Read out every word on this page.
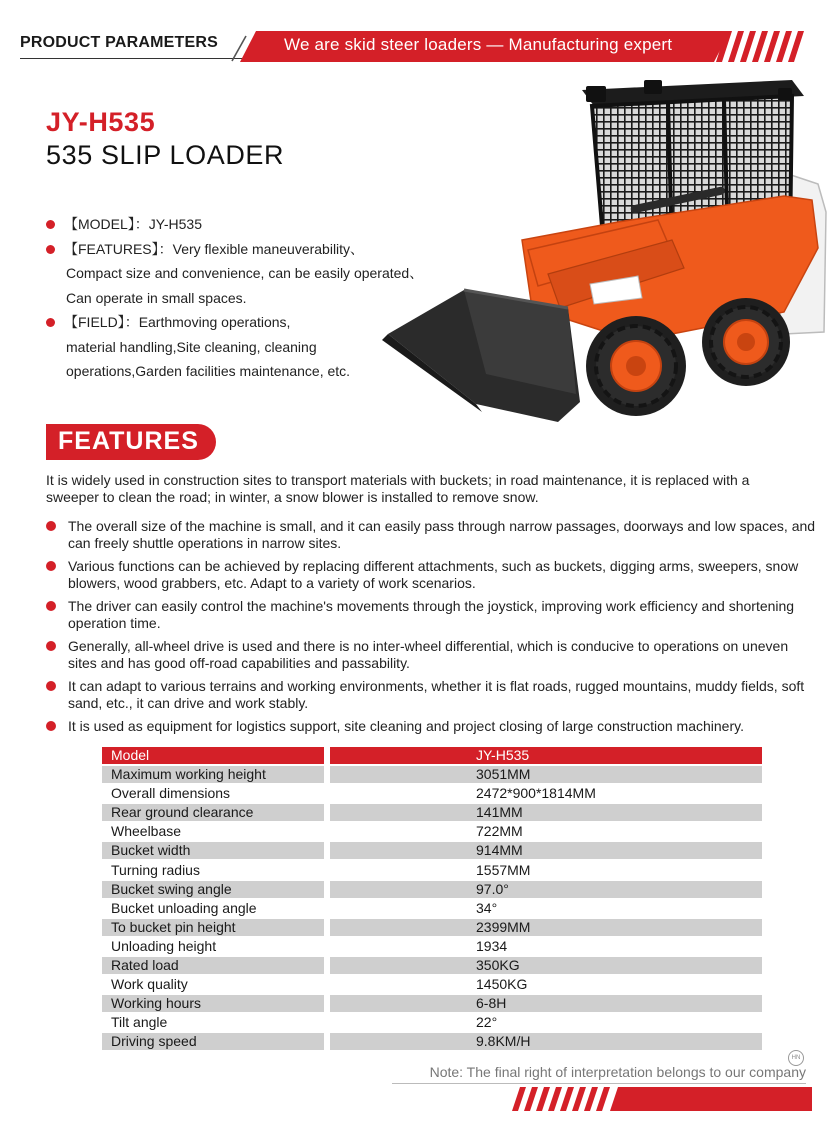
PRODUCT PARAMETERS	We are skid steer loaders — Manufacturing expert
JY-H535
535 SLIP LOADER
【MODEL】：JY-H535
【FEATURES】：Very flexible maneuverability、
Compact size and convenience, can be easily operated、
Can operate in small spaces.
【FIELD】：Earthmoving operations,
material handling,Site cleaning, cleaning
operations,Garden facilities maintenance, etc.
FEATURES
It is widely used in construction sites to transport materials with buckets; in road maintenance, it is replaced with a sweeper to clean the road; in winter, a snow blower is installed to remove snow.
The overall size of the machine is small, and it can easily pass through narrow passages, doorways and low spaces, and can freely shuttle operations in narrow sites.
Various functions can be achieved by replacing different attachments, such as buckets, digging arms, sweepers, snow blowers, wood grabbers, etc. Adapt to a variety of work scenarios.
The driver can easily control the machine's movements through the joystick, improving work efficiency and shortening operation time.
Generally, all-wheel drive is used and there is no inter-wheel differential, which is conducive to operations on uneven sites and has good off-road capabilities and passability.
It can adapt to various terrains and working environments, whether it is flat roads, rugged mountains, muddy fields, soft sand, etc., it can drive and work stably.
It is used as equipment for logistics support, site cleaning and project closing of large construction machinery.
Model	JY-H535
Maximum working height	3051MM
Overall dimensions	2472*900*1814MM
Rear ground clearance	141MM
Wheelbase	722MM
Bucket width	914MM
Turning radius	1557MM
Bucket swing angle	97.0°
Bucket unloading angle	34°
To bucket pin height	2399MM
Unloading height	1934
Rated load	350KG
Work quality	1450KG
Working hours	6-8H
Tilt angle	22°
Driving speed	9.8KM/H
HN
Note: The final right of interpretation belongs to our company
